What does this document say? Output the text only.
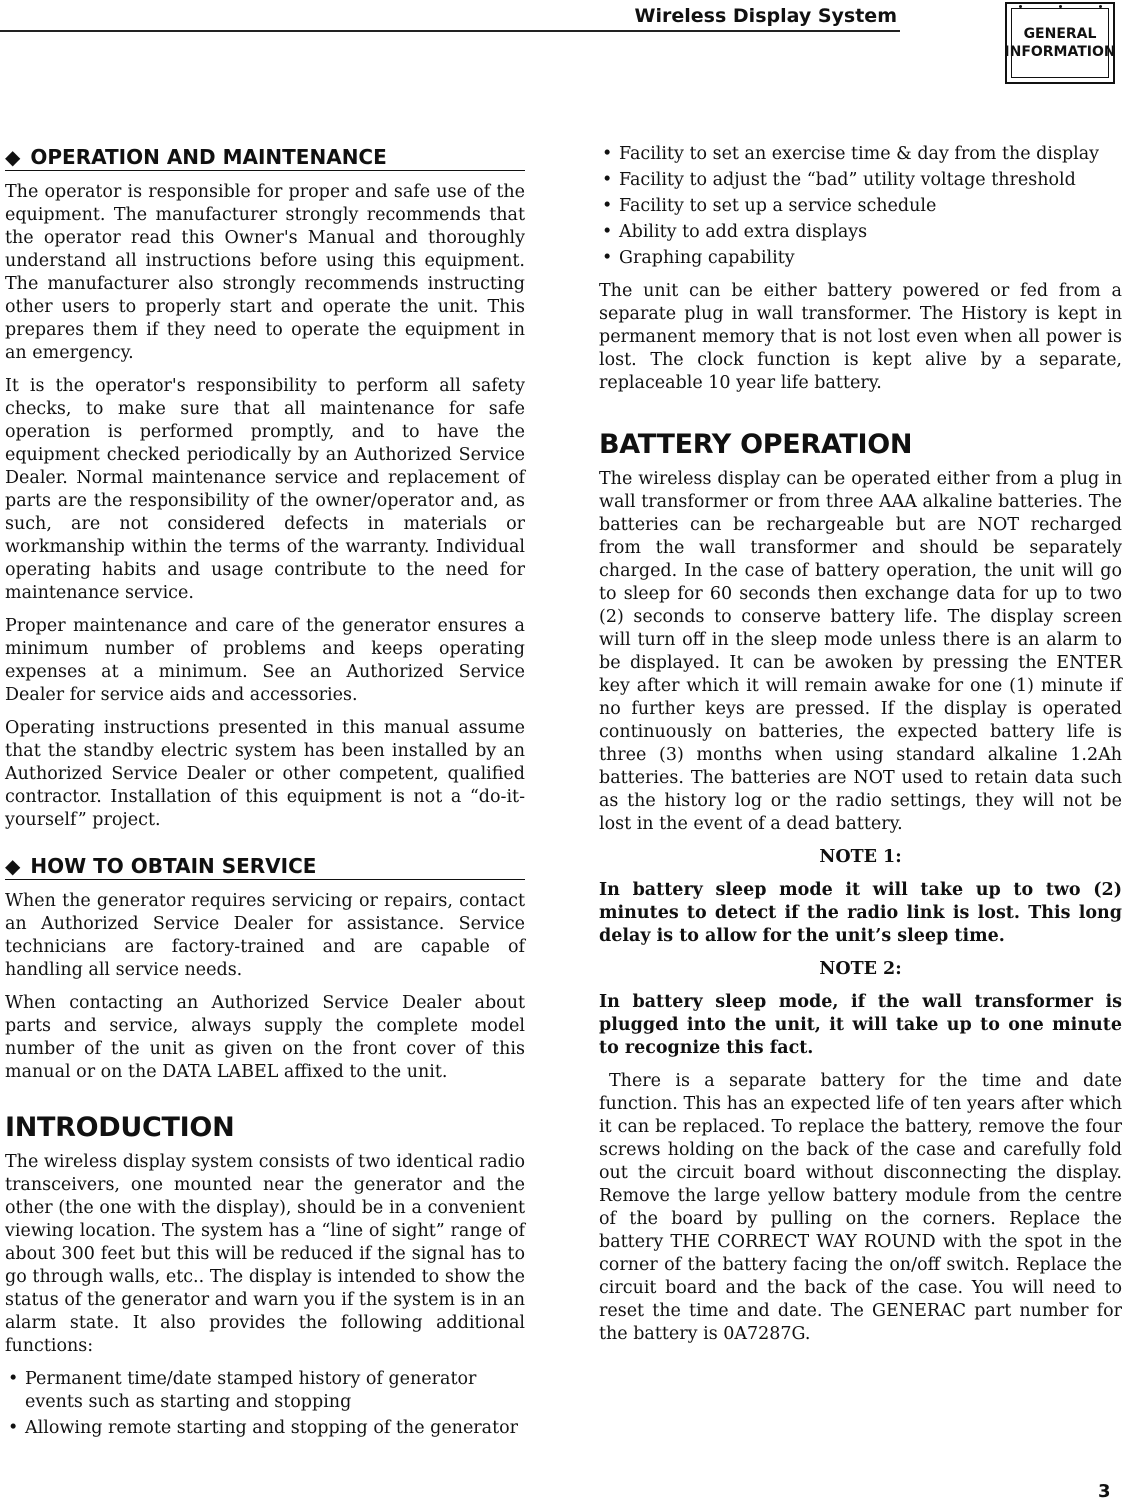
Wireless Display System
GENERAL
INFORMATION
◆ OPERATION AND MAINTENANCE

The operator is responsible for proper and safe use of the equipment. The manufacturer strongly recommends that the operator read this Owner's Manual and thoroughly understand all instructions before using this equipment. The manufacturer also strongly recommends instructing other users to properly start and operate the unit. This prepares them if they need to operate the equipment in an emergency.

It is the operator's responsibility to perform all safety checks, to make sure that all maintenance for safe operation is performed promptly, and to have the equipment checked periodically by an Authorized Service Dealer. Normal maintenance service and replacement of parts are the responsibility of the owner/operator and, as such, are not considered defects in materials or workmanship within the terms of the warranty. Individual operating habits and usage contribute to the need for maintenance service.

Proper maintenance and care of the generator ensures a minimum number of problems and keeps operating expenses at a minimum. See an Authorized Service Dealer for service aids and accessories.

Operating instructions presented in this manual assume that the standby electric system has been installed by an Authorized Service Dealer or other competent, qualified contractor. Installation of this equipment is not a “do-it-yourself” project.

◆ HOW TO OBTAIN SERVICE

When the generator requires servicing or repairs, contact an Authorized Service Dealer for assistance. Service technicians are factory-trained and are capable of handling all service needs.

When contacting an Authorized Service Dealer about parts and service, always supply the complete model number of the unit as given on the front cover of this manual or on the DATA LABEL affixed to the unit.

INTRODUCTION

The wireless display system consists of two identical radio transceivers, one mounted near the generator and the other (the one with the display), should be in a convenient viewing location. The system has a “line of sight” range of about 300 feet but this will be reduced if the signal has to go through walls, etc.. The display is intended to show the status of the generator and warn you if the system is in an alarm state. It also provides the following additional functions:

• Permanent time/date stamped history of generator events such as starting and stopping
• Allowing remote starting and stopping of the generator
• Facility to set an exercise time & day from the display
• Facility to adjust the “bad” utility voltage threshold
• Facility to set up a service schedule
• Ability to add extra displays
• Graphing capability

The unit can be either battery powered or fed from a separate plug in wall transformer. The History is kept in permanent memory that is not lost even when all power is lost. The clock function is kept alive by a separate, replaceable 10 year life battery.

BATTERY OPERATION

The wireless display can be operated either from a plug in wall transformer or from three AAA alkaline batteries. The batteries can be rechargeable but are NOT recharged from the wall transformer and should be separately charged. In the case of battery operation, the unit will go to sleep for 60 seconds then exchange data for up to two (2) seconds to conserve battery life. The display screen will turn off in the sleep mode unless there is an alarm to be displayed. It can be awoken by pressing the ENTER key after which it will remain awake for one (1) minute if no further keys are pressed. If the display is operated continuously on batteries, the expected battery life is three (3) months when using standard alkaline 1.2Ah batteries. The batteries are NOT used to retain data such as the history log or the radio settings, they will not be lost in the event of a dead battery.

NOTE 1:

In battery sleep mode it will take up to two (2) minutes to detect if the radio link is lost. This long delay is to allow for the unit’s sleep time.

NOTE 2:

In battery sleep mode, if the wall transformer is plugged into the unit, it will take up to one minute to recognize this fact.

There is a separate battery for the time and date function. This has an expected life of ten years after which it can be replaced. To replace the battery, remove the four screws holding on the back of the case and carefully fold out the circuit board without disconnecting the display. Remove the large yellow battery module from the centre of the board by pulling on the corners. Replace the battery THE CORRECT WAY ROUND with the spot in the corner of the battery facing the on/off switch. Replace the circuit board and the back of the case. You will need to reset the time and date. The GENERAC part number for the battery is 0A7287G.

3
